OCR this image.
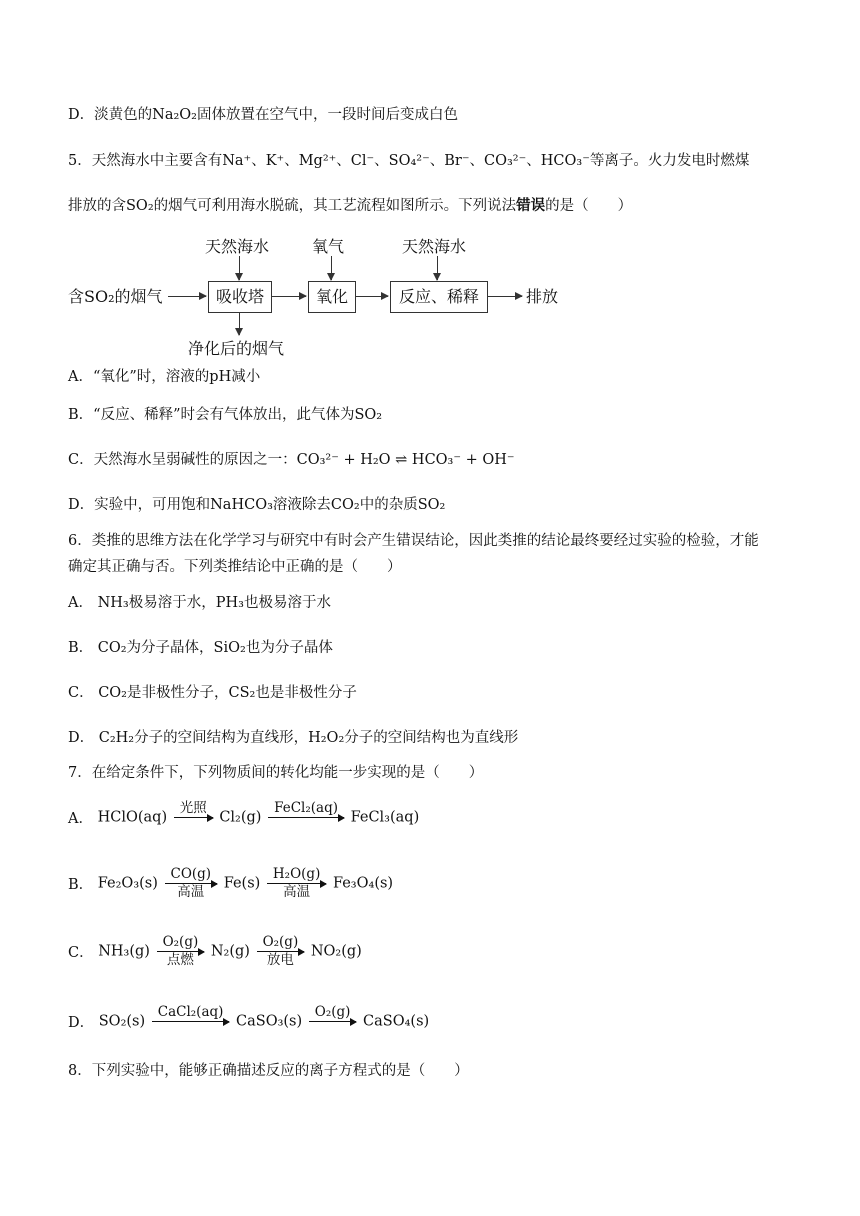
D．淡黄色的Na₂O₂固体放置在空气中，一段时间后变成白色
5．天然海水中主要含有Na⁺、K⁺、Mg²⁺、Cl⁻、SO₄²⁻、Br⁻、CO₃²⁻、HCO₃⁻等离子。火力发电时燃煤
排放的含SO₂的烟气可利用海水脱硫，其工艺流程如图所示。下列说法错误的是（　　）
含SO₂的烟气	吸收塔
天然海水
净化后的烟气
氧化
氧气
反应、稀释
天然海水
排放
A．“氧化”时，溶液的pH减小
B．“反应、稀释”时会有气体放出，此气体为SO₂
C．天然海水呈弱碱性的原因之一：CO₃²⁻ + H₂O ⇌ HCO₃⁻ + OH⁻
D．实验中，可用饱和NaHCO₃溶液除去CO₂中的杂质SO₂
6．类推的思维方法在化学学习与研究中有时会产生错误结论，因此类推的结论最终要经过实验的检验，才能
确定其正确与否。下列类推结论中正确的是（　　）
A． NH₃极易溶于水，PH₃也极易溶于水
B． CO₂为分子晶体，SiO₂也为分子晶体
C． CO₂是非极性分子，CS₂也是非极性分子
D． C₂H₂分子的空间结构为直线形，H₂O₂分子的空间结构也为直线形
7．在给定条件下，下列物质间的转化均能一步实现的是（　　）
A． HClO(aq)
光照
Cl₂(g)
FeCl₂(aq)
FeCl₃(aq)
B． Fe₂O₃(s)
CO(g)
高温
Fe(s)
H₂O(g)
高温
Fe₃O₄(s)
C． NH₃(g)
O₂(g)
点燃
N₂(g)
O₂(g)
放电
NO₂(g)
D． SO₂(s)
CaCl₂(aq)
CaSO₃(s)
O₂(g)
CaSO₄(s)
8．下列实验中，能够正确描述反应的离子方程式的是（　　）
